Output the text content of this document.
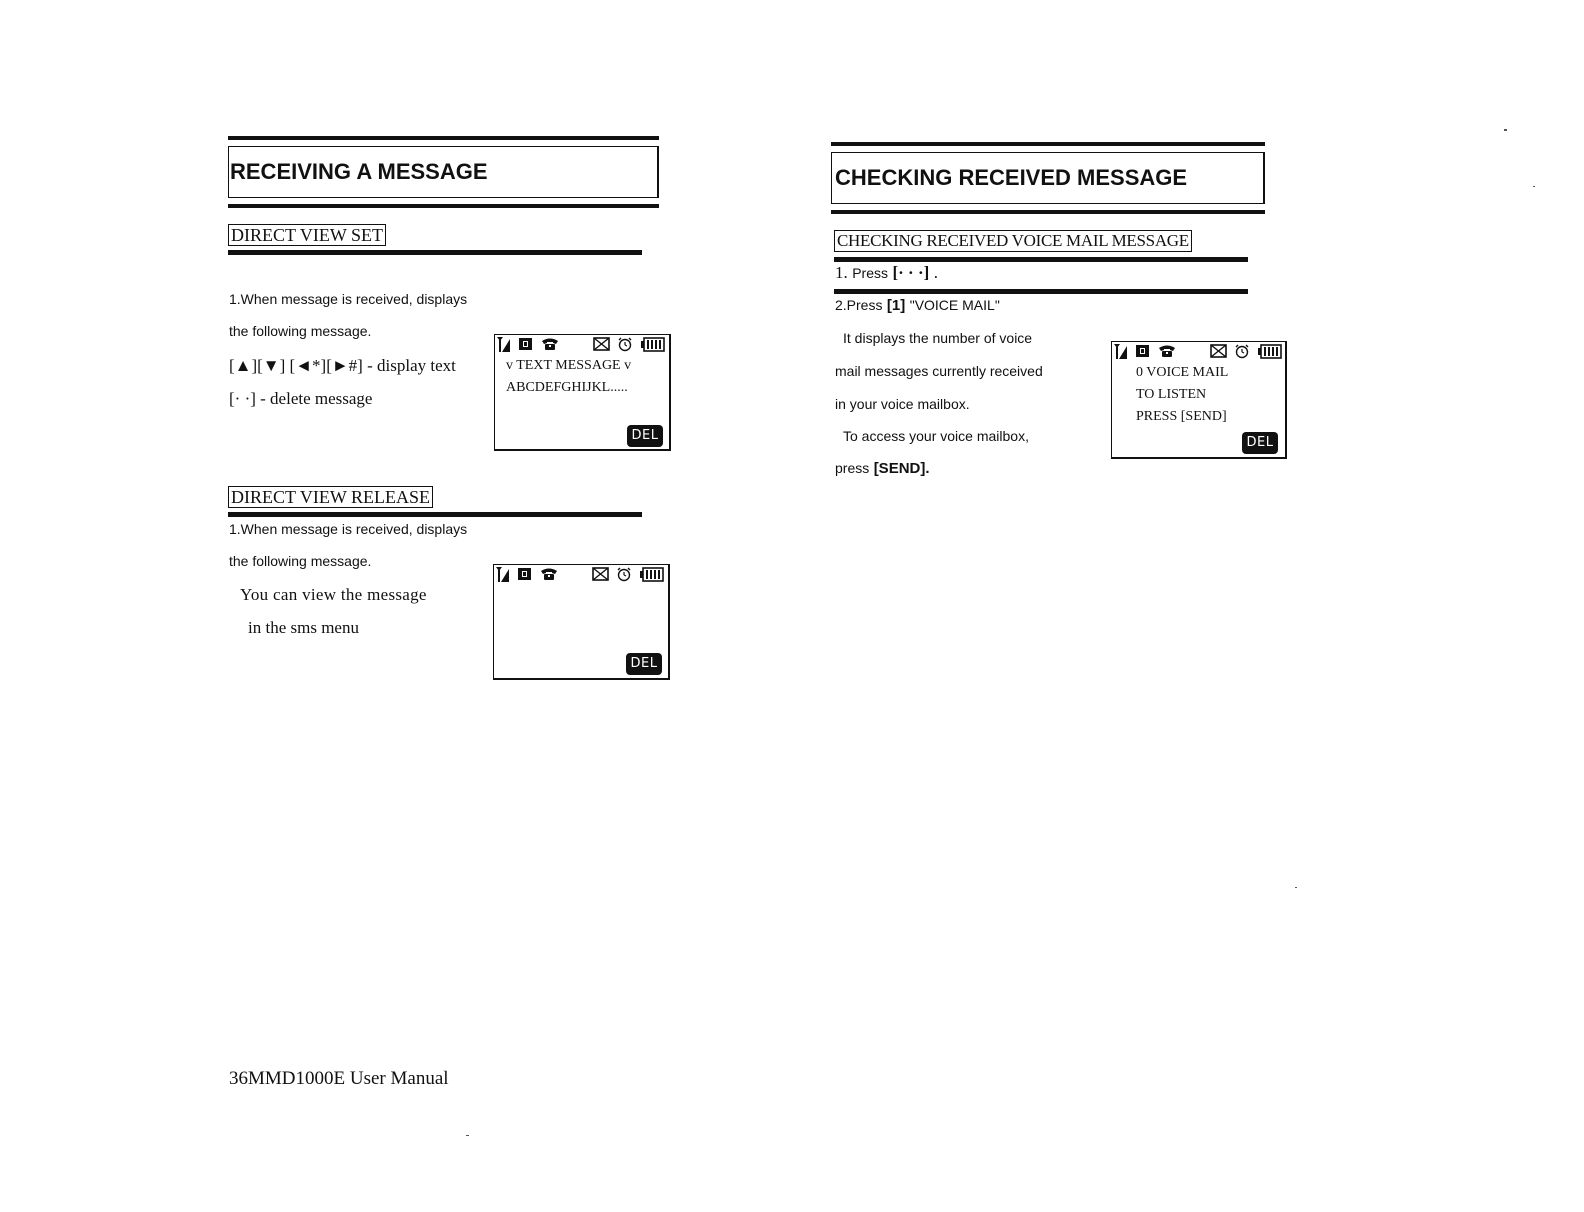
RECEIVING A MESSAGE
DIRECT VIEW SET
1.When message is received, displays
the following message.
[▲][▼] [◄*][►#] - display text
[· ·] - delete message
v TEXT MESSAGE v
ABCDEFGHIJKL.....
DEL
DIRECT VIEW RELEASE
1.When message is received, displays
the following message.
You can view the message
in the sms menu
DEL
36MMD1000E User Manual
CHECKING RECEIVED MESSAGE
CHECKING RECEIVED VOICE MAIL MESSAGE
1. Press [· · ·] .
2.Press [1] "VOICE MAIL"
It displays the number of voice
mail messages currently received
in your voice mailbox.
To access your voice mailbox,
press [SEND].
0 VOICE MAIL
TO LISTEN
PRESS [SEND]
DEL
